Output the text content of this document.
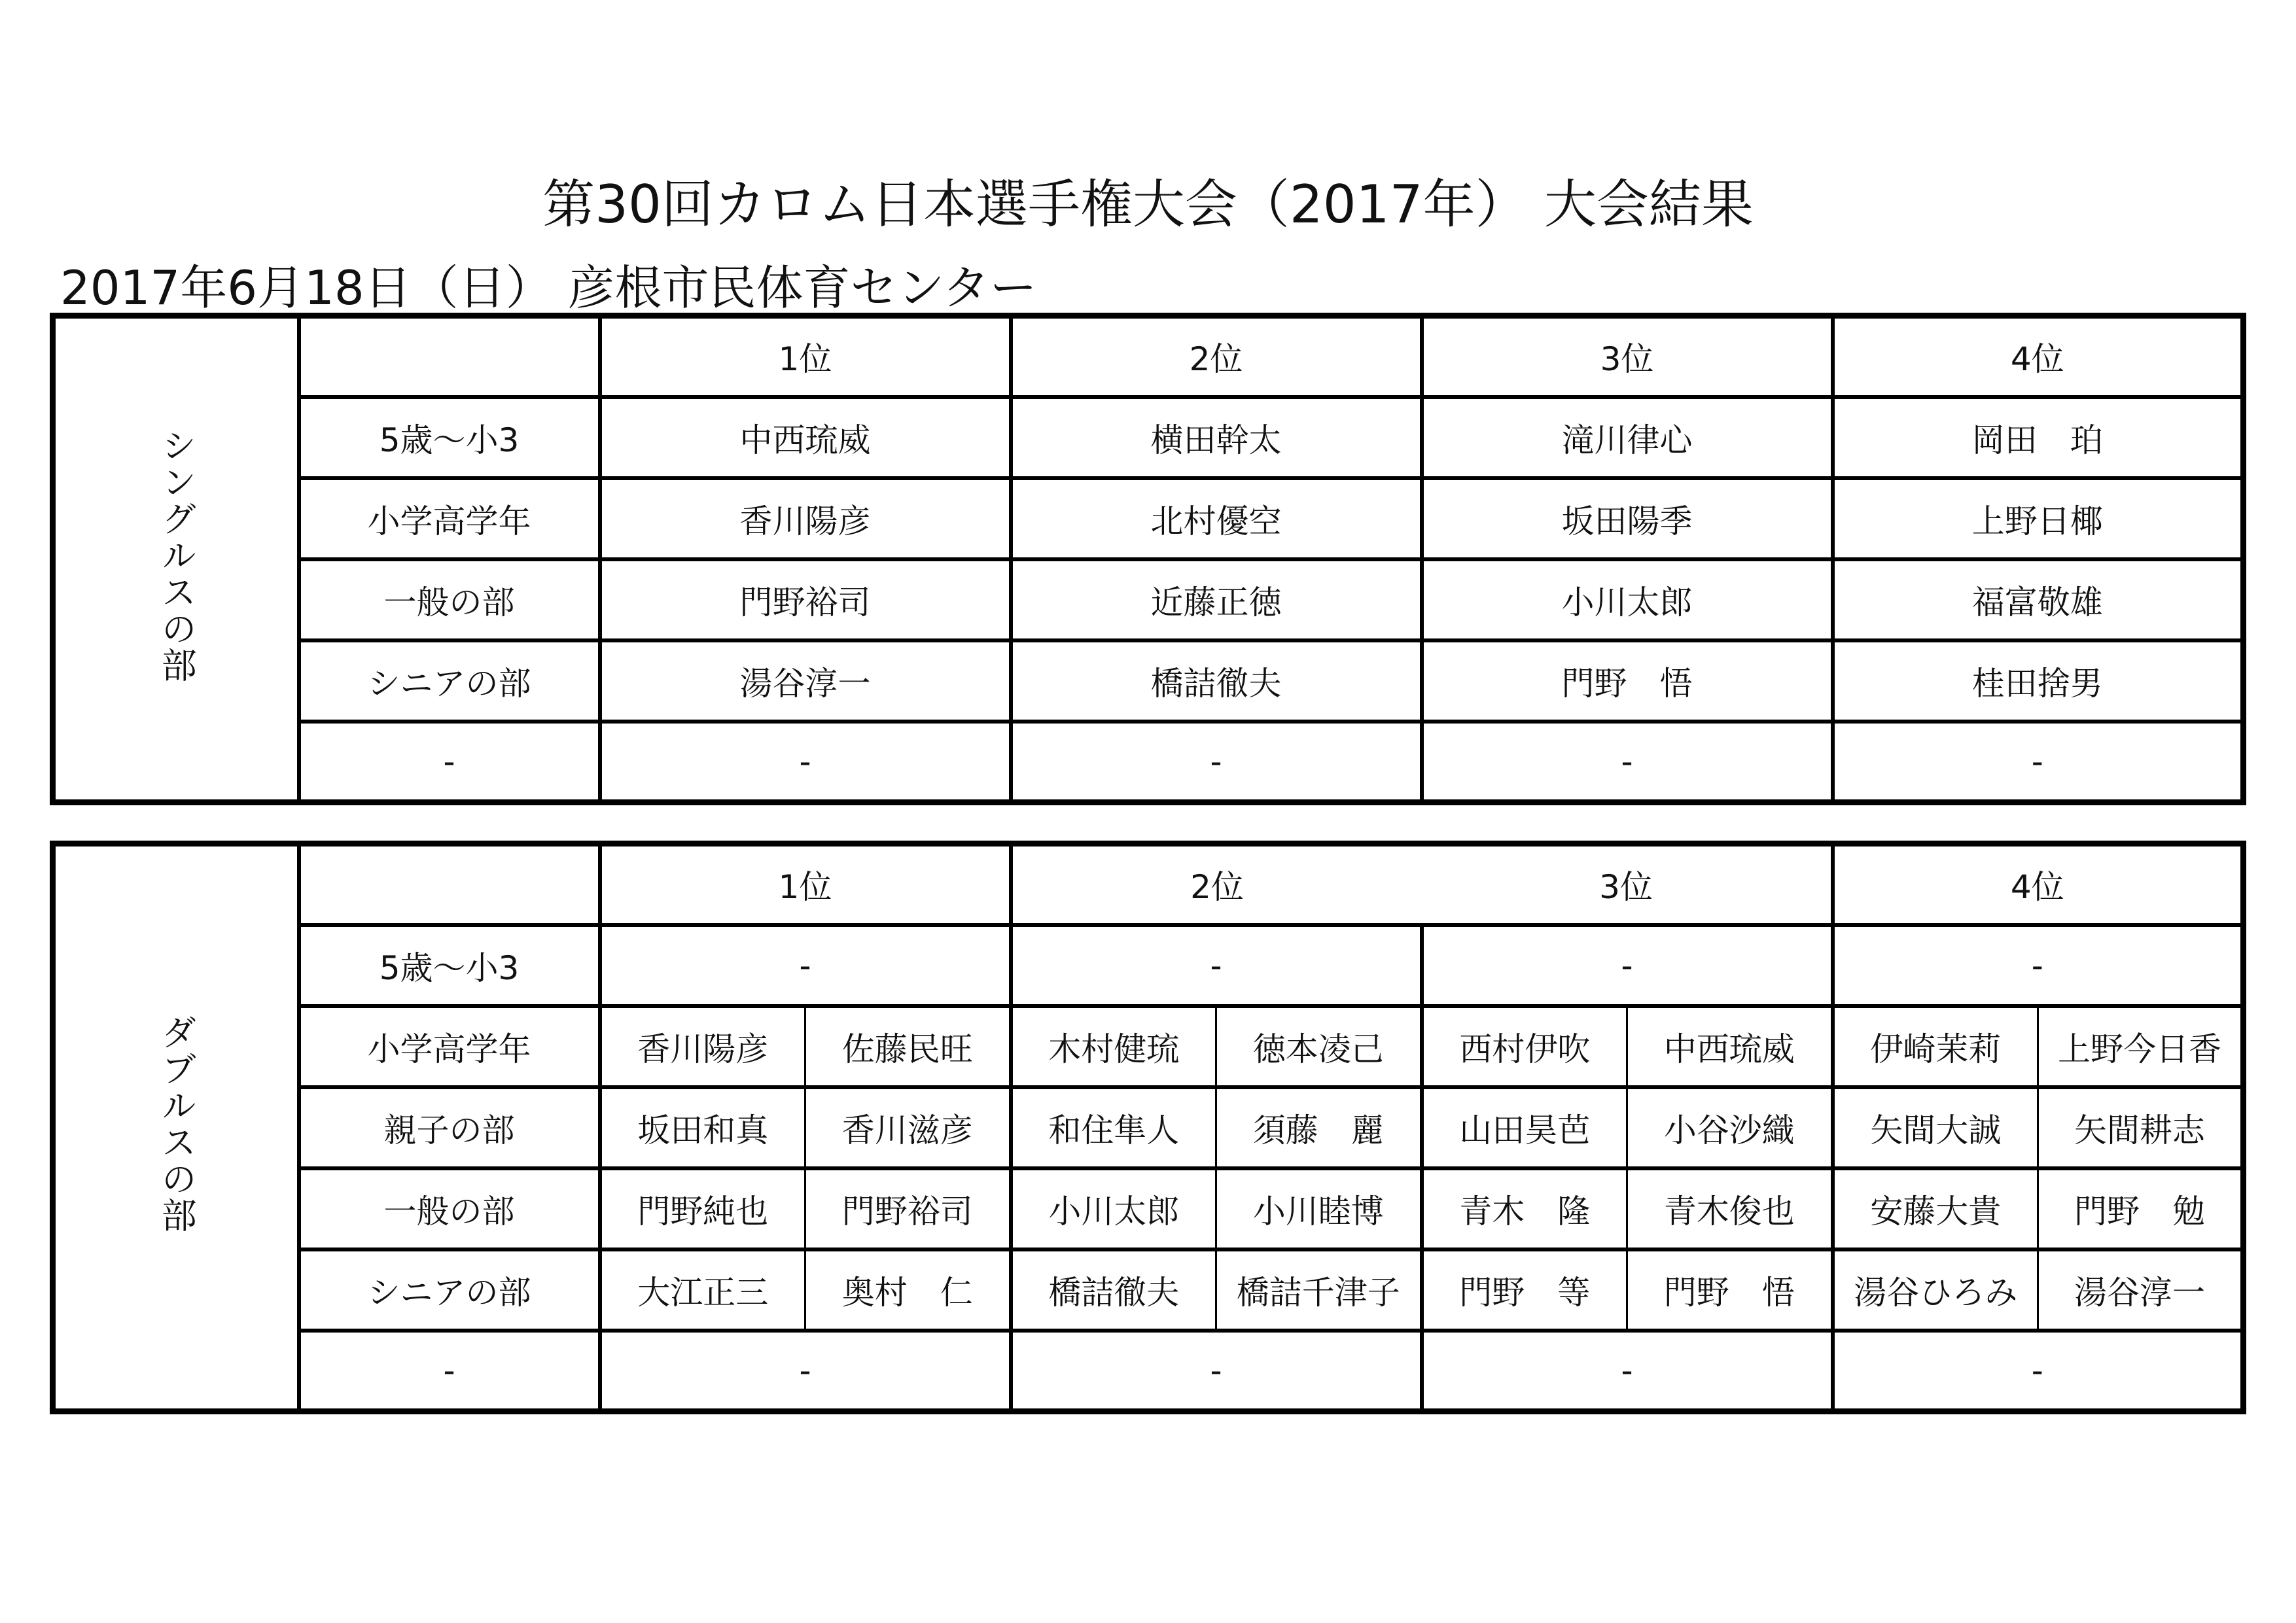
第30回カロム日本選手権大会（2017年） 大会結果
2017年6月18日（日） 彦根市民体育センター
シングルスの部		1位	2位	3位	4位
	5歳～小3	中西琉威	横田幹太	滝川律心	岡田　珀
	小学高学年	香川陽彦	北村優空	坂田陽季	上野日椰
	一般の部	門野裕司	近藤正徳	小川太郎	福富敬雄
	シニアの部	湯谷淳一	橋詰徹夫	門野　悟	桂田捨男
	-	-	-	-	-
ダブルスの部		1位		2位		3位		4位	
	5歳～小3	-		-		-		-	
	小学高学年	香川陽彦	佐藤民旺	木村健琉	徳本凌己	西村伊吹	中西琉威	伊崎茉莉	上野今日香
	親子の部	坂田和真	香川滋彦	和住隼人	須藤　麗	山田昊芭	小谷沙織	矢間大誠	矢間耕志
	一般の部	門野純也	門野裕司	小川太郎	小川睦博	青木　隆	青木俊也	安藤大貴	門野　勉
	シニアの部	大江正三	奥村　仁	橋詰徹夫	橋詰千津子	門野　等	門野　悟	湯谷ひろみ	湯谷淳一
	-	-		-		-		-	
